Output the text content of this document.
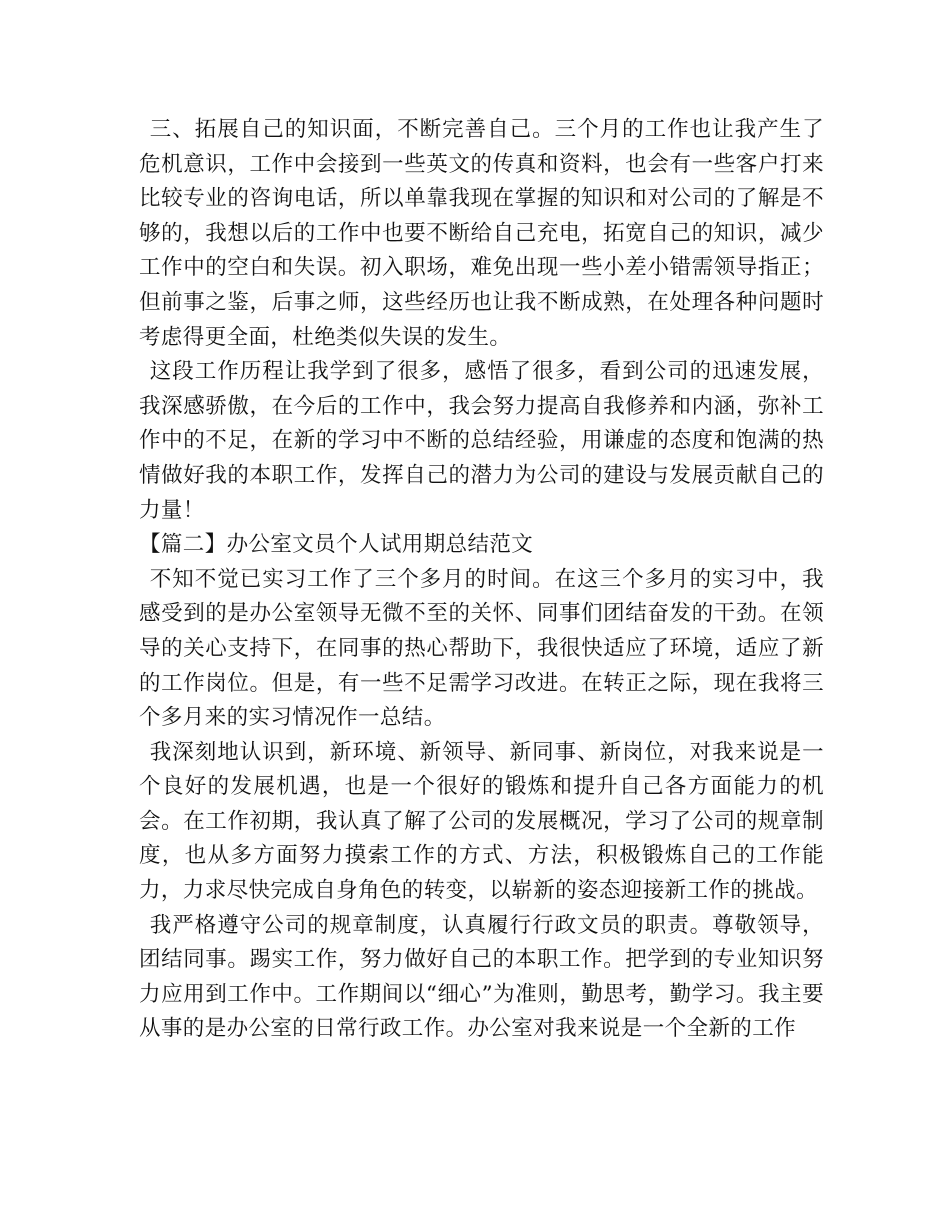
三、拓展自己的知识面，不断完善自己。三个月的工作也让我产生了危机意识，工作中会接到一些英文的传真和资料，也会有一些客户打来比较专业的咨询电话，所以单靠我现在掌握的知识和对公司的了解是不够的，我想以后的工作中也要不断给自己充电，拓宽自己的知识，减少工作中的空白和失误。初入职场，难免出现一些小差小错需领导指正；但前事之鉴，后事之师，这些经历也让我不断成熟，在处理各种问题时考虑得更全面，杜绝类似失误的发生。

这段工作历程让我学到了很多，感悟了很多，看到公司的迅速发展，我深感骄傲，在今后的工作中，我会努力提高自我修养和内涵，弥补工作中的不足，在新的学习中不断的总结经验，用谦虚的态度和饱满的热情做好我的本职工作，发挥自己的潜力为公司的建设与发展贡献自己的力量！

【篇二】办公室文员个人试用期总结范文

不知不觉已实习工作了三个多月的时间。在这三个多月的实习中，我感受到的是办公室领导无微不至的关怀、同事们团结奋发的干劲。在领导的关心支持下，在同事的热心帮助下，我很快适应了环境，适应了新的工作岗位。但是，有一些不足需学习改进。在转正之际，现在我将三个多月来的实习情况作一总结。

我深刻地认识到，新环境、新领导、新同事、新岗位，对我来说是一个良好的发展机遇，也是一个很好的锻炼和提升自己各方面能力的机会。在工作初期，我认真了解了公司的发展概况，学习了公司的规章制度，也从多方面努力摸索工作的方式、方法，积极锻炼自己的工作能力，力求尽快完成自身角色的转变，以崭新的姿态迎接新工作的挑战。

我严格遵守公司的规章制度，认真履行行政文员的职责。尊敬领导，团结同事。踢实工作，努力做好自己的本职工作。把学到的专业知识努力应用到工作中。工作期间以“细心”为准则，勤思考，勤学习。我主要从事的是办公室的日常行政工作。办公室对我来说是一个全新的工作
